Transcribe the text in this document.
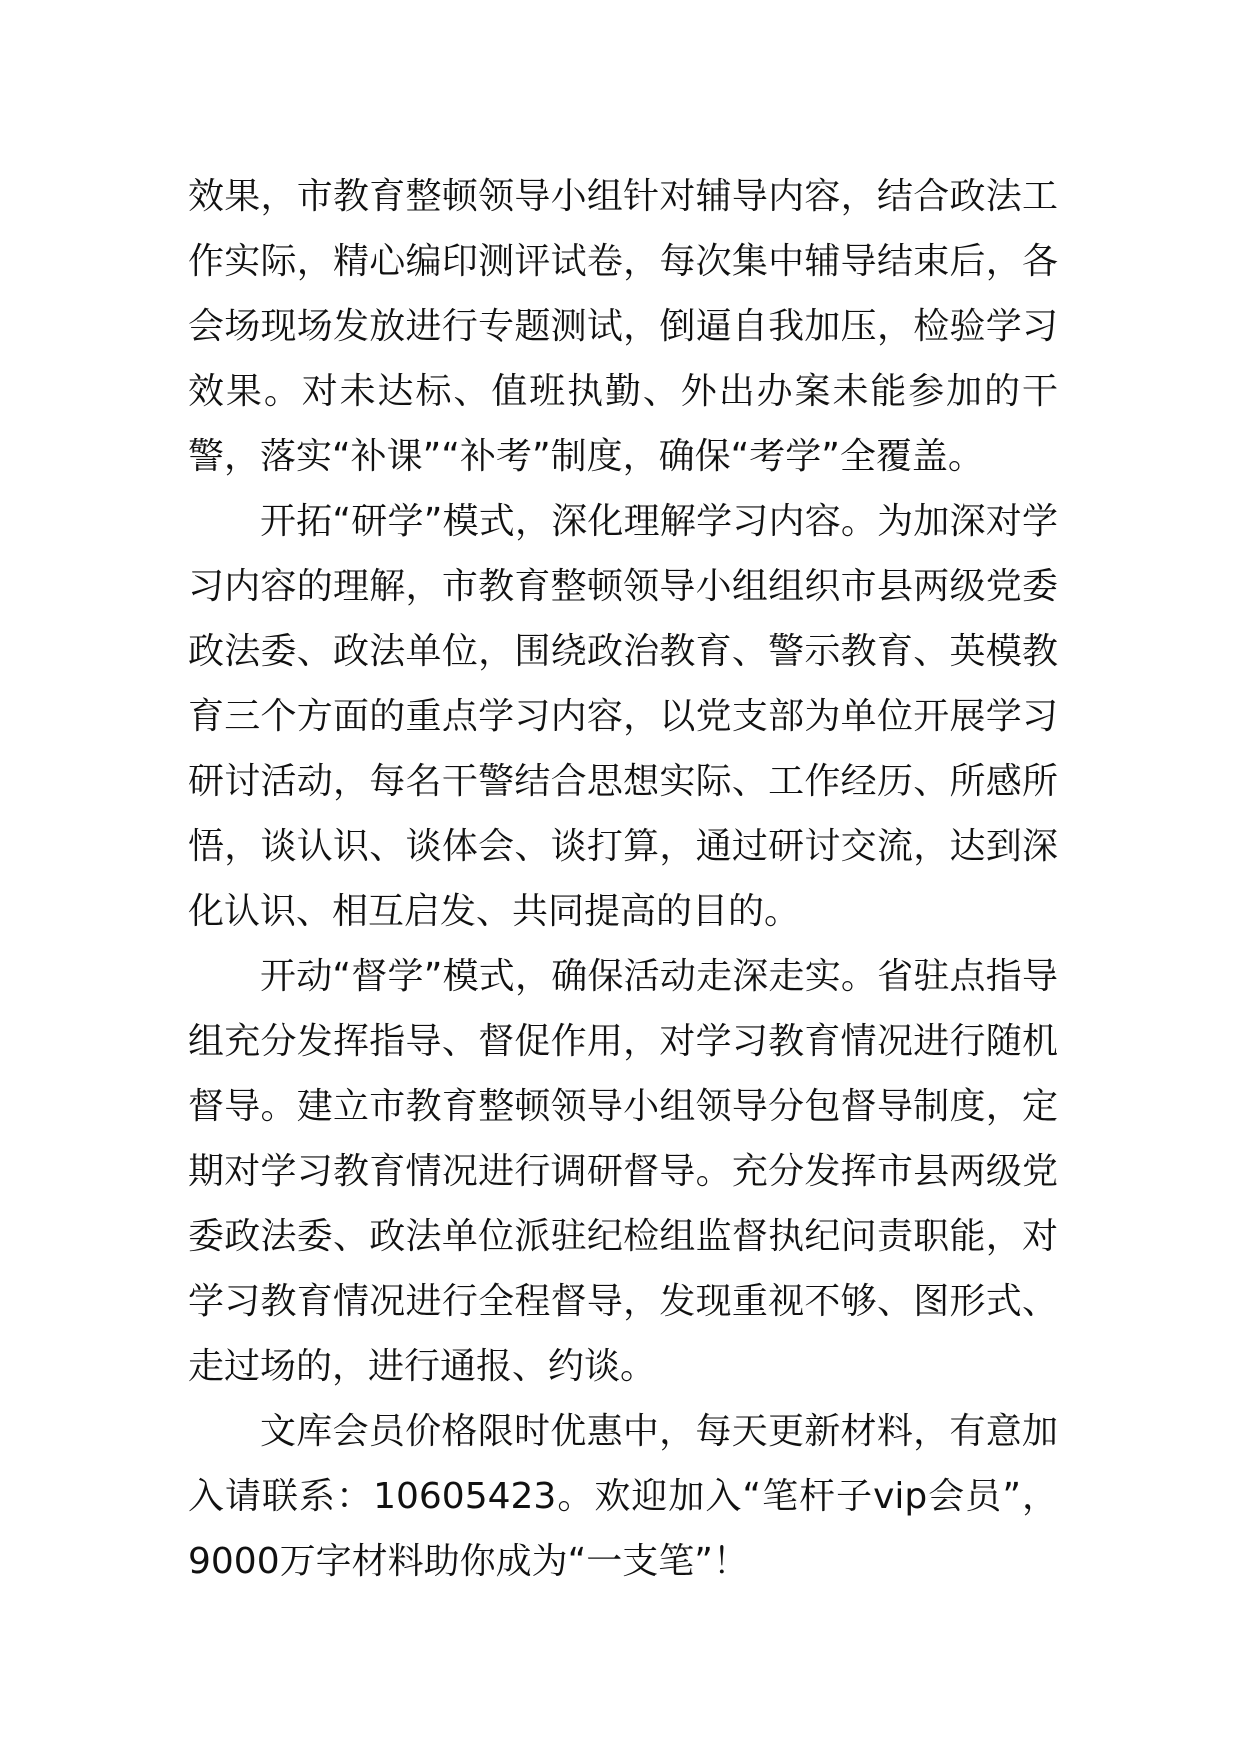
效果，市教育整顿领导小组针对辅导内容，结合政法工作实际，精心编印测评试卷，每次集中辅导结束后，各会场现场发放进行专题测试，倒逼自我加压，检验学习效果。对未达标、值班执勤、外出办案未能参加的干警，落实“补课”“补考”制度，确保“考学”全覆盖。

开拓“研学”模式，深化理解学习内容。为加深对学习内容的理解，市教育整顿领导小组组织市县两级党委政法委、政法单位，围绕政治教育、警示教育、英模教育三个方面的重点学习内容，以党支部为单位开展学习研讨活动，每名干警结合思想实际、工作经历、所感所悟，谈认识、谈体会、谈打算，通过研讨交流，达到深化认识、相互启发、共同提高的目的。

开动“督学”模式，确保活动走深走实。省驻点指导组充分发挥指导、督促作用，对学习教育情况进行随机督导。建立市教育整顿领导小组领导分包督导制度，定期对学习教育情况进行调研督导。充分发挥市县两级党委政法委、政法单位派驻纪检组监督执纪问责职能，对学习教育情况进行全程督导，发现重视不够、图形式、走过场的，进行通报、约谈。

文库会员价格限时优惠中，每天更新材料，有意加入请联系：10605423。欢迎加入“笔杆子vip会员”，9000万字材料助你成为“一支笔”！
